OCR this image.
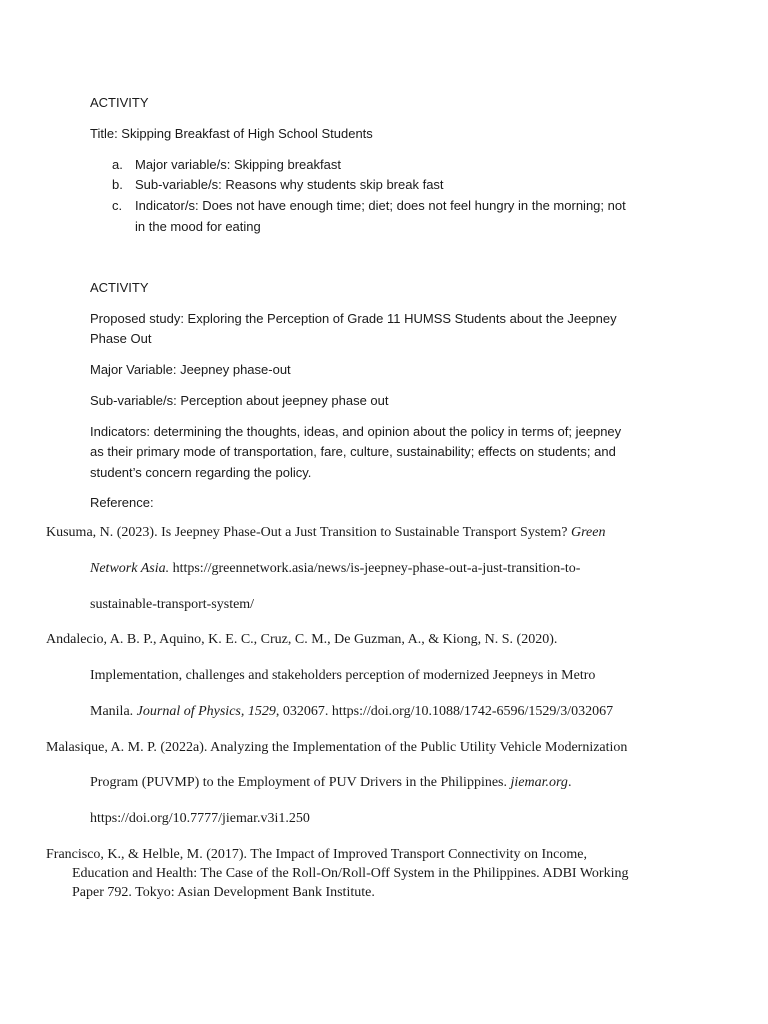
ACTIVITY
Title: Skipping Breakfast of High School Students
a. Major variable/s: Skipping breakfast
b. Sub-variable/s: Reasons why students skip break fast
c. Indicator/s: Does not have enough time; diet; does not feel hungry in the morning; not
in the mood for eating
ACTIVITY
Proposed study: Exploring the Perception of Grade 11 HUMSS Students about the Jeepney
Phase Out
Major Variable: Jeepney phase-out
Sub-variable/s: Perception about jeepney phase out
Indicators: determining the thoughts, ideas, and opinion about the policy in terms of; jeepney
as their primary mode of transportation, fare, culture, sustainability; effects on students; and
student’s concern regarding the policy.
Reference:
Kusuma, N. (2023). Is Jeepney Phase-Out a Just Transition to Sustainable Transport System? Green
Network Asia. https://greennetwork.asia/news/is-jeepney-phase-out-a-just-transition-to-
sustainable-transport-system/
Andalecio, A. B. P., Aquino, K. E. C., Cruz, C. M., De Guzman, A., & Kiong, N. S. (2020).
Implementation, challenges and stakeholders perception of modernized Jeepneys in Metro
Manila. Journal of Physics, 1529, 032067. https://doi.org/10.1088/1742-6596/1529/3/032067
Malasique, A. M. P. (2022a). Analyzing the Implementation of the Public Utility Vehicle Modernization
Program (PUVMP) to the Employment of PUV Drivers in the Philippines. jiemar.org.
https://doi.org/10.7777/jiemar.v3i1.250
Francisco, K., & Helble, M. (2017). The Impact of Improved Transport Connectivity on Income,
Education and Health: The Case of the Roll-On/Roll-Off System in the Philippines. ADBI Working
Paper 792. Tokyo: Asian Development Bank Institute.
